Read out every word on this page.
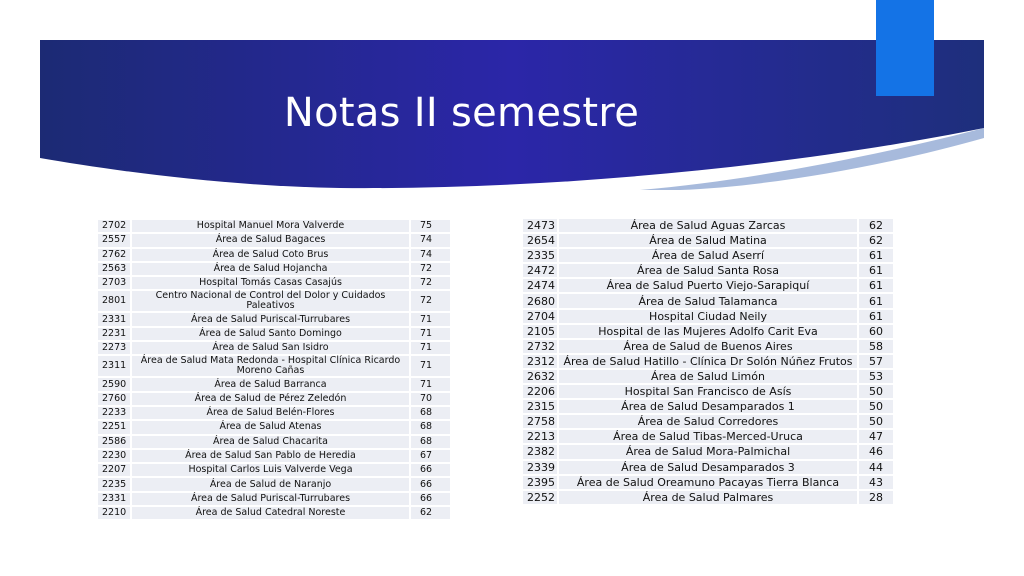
Notas II semestre
2702	Hospital Manuel Mora Valverde	75
2557	Área de Salud Bagaces	74
2762	Área de Salud Coto Brus	74
2563	Área de Salud Hojancha	72
2703	Hospital Tomás Casas Casajús	72
2801	Centro Nacional de Control del Dolor y Cuidados Paleativos	72
2331	Área de Salud Puriscal-Turrubares	71
2231	Área de Salud Santo Domingo	71
2273	Área de Salud San Isidro	71
2311	Área de Salud Mata Redonda - Hospital Clínica Ricardo Moreno Cañas	71
2590	Área de Salud Barranca	71
2760	Área de Salud de Pérez Zeledón	70
2233	Área de Salud Belén-Flores	68
2251	Área de Salud Atenas	68
2586	Área de Salud Chacarita	68
2230	Área de Salud San Pablo de Heredia	67
2207	Hospital Carlos Luis Valverde Vega	66
2235	Área de Salud de Naranjo	66
2331	Área de Salud Puriscal-Turrubares	66
2210	Área de Salud Catedral Noreste	62
2473	Área de Salud Aguas Zarcas	62
2654	Área de Salud Matina	62
2335	Área de Salud Aserrí	61
2472	Área de Salud Santa Rosa	61
2474	Área de Salud Puerto Viejo-Sarapiquí	61
2680	Área de Salud Talamanca	61
2704	Hospital Ciudad Neily	61
2105	Hospital de las Mujeres Adolfo Carit Eva	60
2732	Área de Salud de Buenos Aires	58
2312	Área de Salud Hatillo - Clínica Dr Solón Núñez Frutos	57
2632	Área de Salud Limón	53
2206	Hospital San Francisco de Asís	50
2315	Área de Salud Desamparados 1	50
2758	Área de Salud Corredores	50
2213	Área de Salud Tibas-Merced-Uruca	47
2382	Área de Salud Mora-Palmichal	46
2339	Área de Salud Desamparados 3	44
2395	Área de Salud Oreamuno Pacayas Tierra Blanca	43
2252	Área de Salud Palmares	28
